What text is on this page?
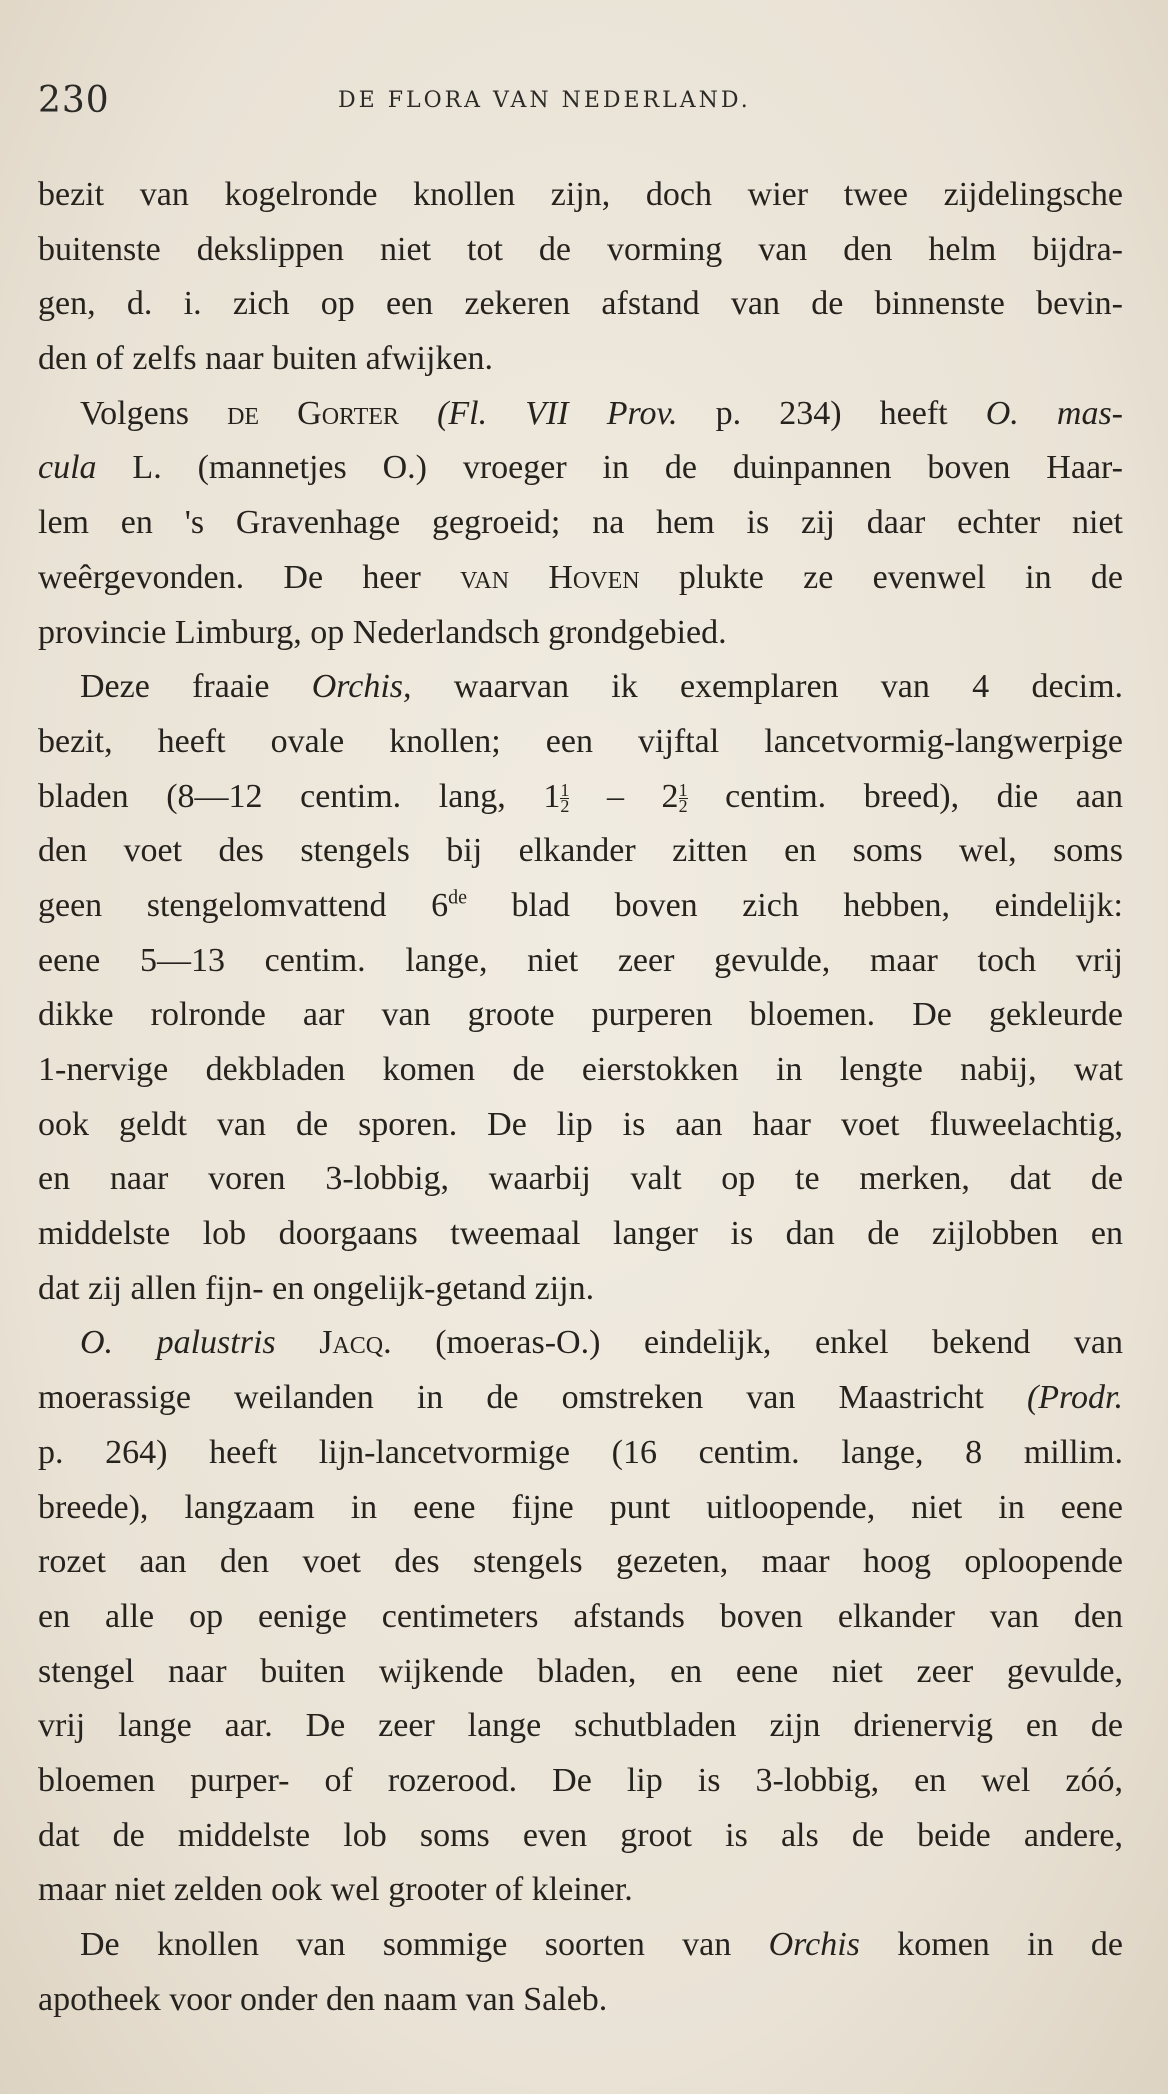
230	DE FLORA VAN NEDERLAND.
bezit van kogelronde knollen zijn, doch wier twee zijdelingsche
buitenste dekslippen niet tot de vorming van den helm bijdra-
gen, d. i. zich op een zekeren afstand van de binnenste bevin-
den of zelfs naar buiten afwijken.
Volgens de Gorter (Fl. VII Prov. p. 234) heeft O. mas-
cula L. (mannetjes O.) vroeger in de duinpannen boven Haar-
lem en 's Gravenhage gegroeid; na hem is zij daar echter niet
weêrgevonden. De heer van Hoven plukte ze evenwel in de
provincie Limburg, op Nederlandsch grondgebied.
Deze fraaie Orchis, waarvan ik exemplaren van 4 decim.
bezit, heeft ovale knollen; een vijftal lancetvormig-langwerpige
bladen (8—12 centim. lang, $1\frac{1}{2} - 2\frac{1}{2}$ centim. breed), die aan
den voet des stengels bij elkander zitten en soms wel, soms
geen stengelomvattend 6de blad boven zich hebben, eindelijk:
eene 5—13 centim. lange, niet zeer gevulde, maar toch vrij
dikke rolronde aar van groote purperen bloemen. De gekleurde
1-nervige dekbladen komen de eierstokken in lengte nabij, wat
ook geldt van de sporen. De lip is aan haar voet fluweelachtig,
en naar voren 3-lobbig, waarbij valt op te merken, dat de
middelste lob doorgaans tweemaal langer is dan de zijlobben en
dat zij allen fijn- en ongelijk-getand zijn.
O. palustris Jacq. (moeras-O.) eindelijk, enkel bekend van
moerassige weilanden in de omstreken van Maastricht (Prodr.
p. 264) heeft lijn-lancetvormige (16 centim. lange, 8 millim.
breede), langzaam in eene fijne punt uitloopende, niet in eene
rozet aan den voet des stengels gezeten, maar hoog oploopende
en alle op eenige centimeters afstands boven elkander van den
stengel naar buiten wijkende bladen, en eene niet zeer gevulde,
vrij lange aar. De zeer lange schutbladen zijn drienervig en de
bloemen purper- of rozerood. De lip is 3-lobbig, en wel zóó,
dat de middelste lob soms even groot is als de beide andere,
maar niet zelden ook wel grooter of kleiner.
De knollen van sommige soorten van Orchis komen in de
apotheek voor onder den naam van Saleb.
